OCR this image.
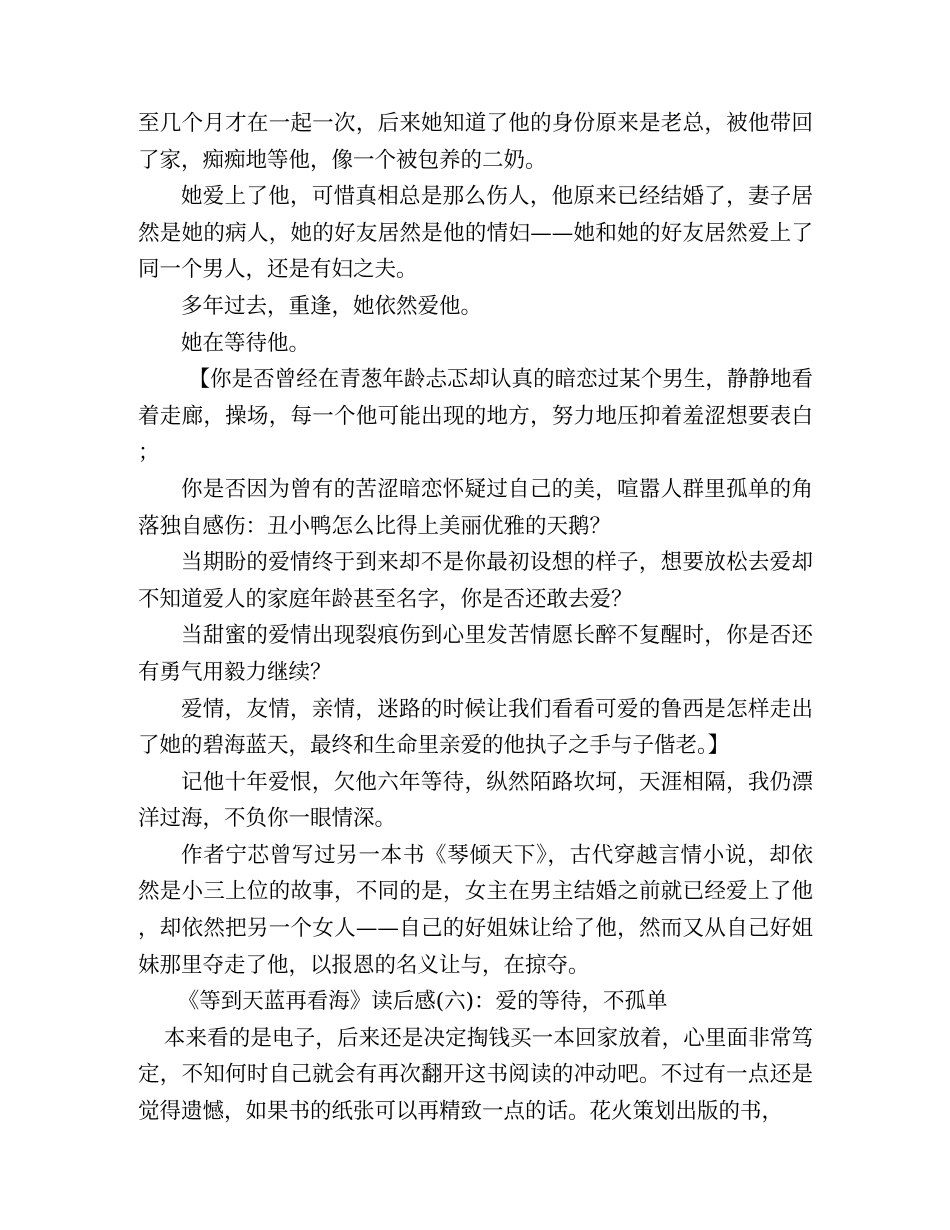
至几个月才在一起一次，后来她知道了他的身份原来是老总，被他带回了家，痴痴地等他，像一个被包养的二奶。

她爱上了他，可惜真相总是那么伤人，他原来已经结婚了，妻子居然是她的病人，她的好友居然是他的情妇——她和她的好友居然爱上了同一个男人，还是有妇之夫。

多年过去，重逢，她依然爱他。

她在等待他。

【你是否曾经在青葱年龄忐忑却认真的暗恋过某个男生，静静地看着走廊，操场，每一个他可能出现的地方，努力地压抑着羞涩想要表白；

你是否因为曾有的苦涩暗恋怀疑过自己的美，喧嚣人群里孤单的角落独自感伤：丑小鸭怎么比得上美丽优雅的天鹅？

当期盼的爱情终于到来却不是你最初设想的样子，想要放松去爱却不知道爱人的家庭年龄甚至名字，你是否还敢去爱？

当甜蜜的爱情出现裂痕伤到心里发苦情愿长醉不复醒时，你是否还有勇气用毅力继续？

爱情，友情，亲情，迷路的时候让我们看看可爱的鲁西是怎样走出了她的碧海蓝天，最终和生命里亲爱的他执子之手与子偕老。】

记他十年爱恨，欠他六年等待，纵然陌路坎坷，天涯相隔，我仍漂洋过海，不负你一眼情深。

作者宁芯曾写过另一本书《琴倾天下》，古代穿越言情小说，却依然是小三上位的故事，不同的是，女主在男主结婚之前就已经爱上了他，却依然把另一个女人——自己的好姐妹让给了他，然而又从自己好姐妹那里夺走了他，以报恩的名义让与，在掠夺。

《等到天蓝再看海》读后感(六)：爱的等待，不孤单

本来看的是电子，后来还是决定掏钱买一本回家放着，心里面非常笃定，不知何时自己就会有再次翻开这书阅读的冲动吧。不过有一点还是觉得遗憾，如果书的纸张可以再精致一点的话。花火策划出版的书，
